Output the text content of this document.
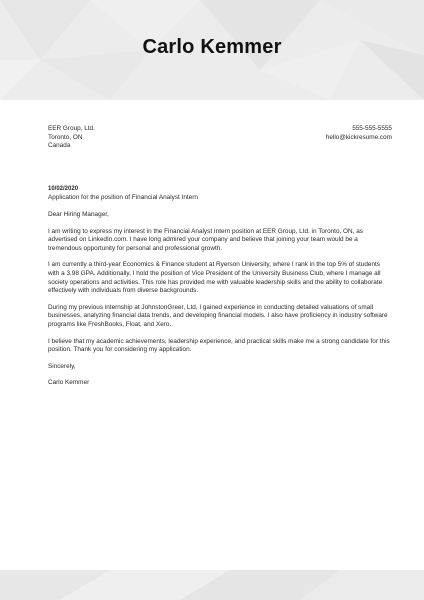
Carlo Kemmer
EER Group, Ltd.
Toronto, ON
Canada
555-555-5555
hello@kickresume.com
10/02/2020
Application for the position of Financial Analyst Intern
Dear Hiring Manager,
I am writing to express my interest in the Financial Analyst Intern position at EER Group, Ltd. in Toronto, ON, as advertised on LinkedIn.com. I have long admired your company and believe that joining your team would be a tremendous opportunity for personal and professional growth.
I am currently a third-year Economics & Finance student at Ryerson University, where I rank in the top 5% of students with a 3.98 GPA. Additionally, I hold the position of Vice President of the University Business Club, where I manage all society operations and activities. This role has provided me with valuable leadership skills and the ability to collaborate effectively with individuals from diverse backgrounds.
During my previous internship at JohnstonGreer, Ltd, I gained experience in conducting detailed valuations of small businesses, analyzing financial data trends, and developing financial models. I also have proficiency in industry software programs like FreshBooks, Float, and Xero.
I believe that my academic achievements, leadership experience, and practical skills make me a strong candidate for this position. Thank you for considering my application.
Sincerely,
Carlo Kemmer
